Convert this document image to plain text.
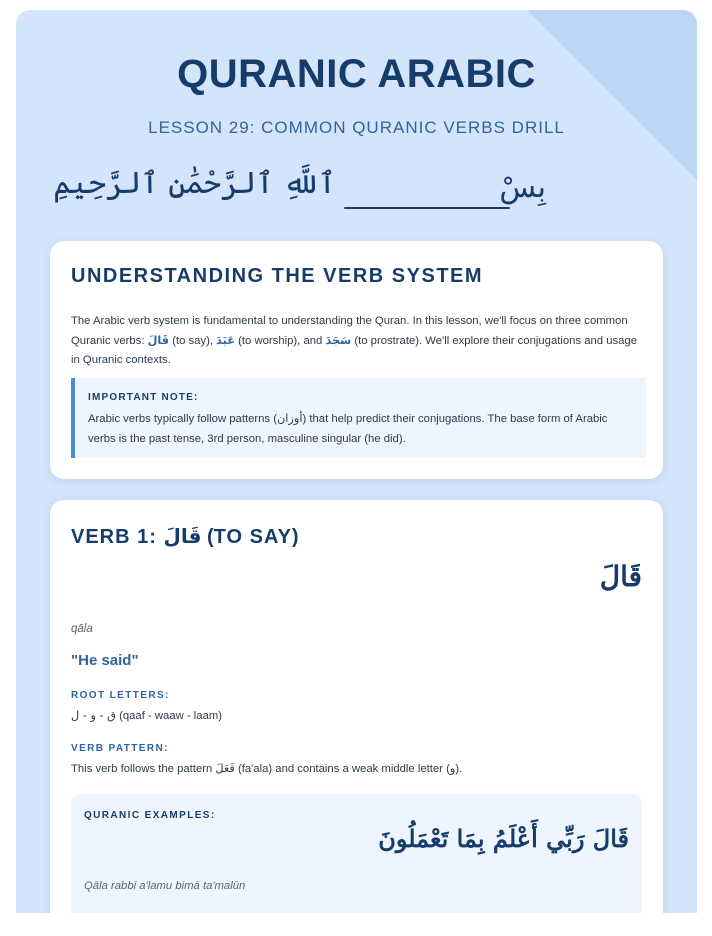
QURANIC ARABIC
LESSON 29: COMMON QURANIC VERBS DRILL
ٱللَّهِ ٱلرَّحْمَٰنِ ٱلرَّحِيمِ	بِسْ
UNDERSTANDING THE VERB SYSTEM
The Arabic verb system is fundamental to understanding the Quran. In this lesson, we'll focus on three common Quranic verbs: قَالَ (to say), عَبَدَ (to worship), and سَجَدَ (to prostrate). We'll explore their conjugations and usage in Quranic contexts.
IMPORTANT NOTE:
Arabic verbs typically follow patterns (أوزان) that help predict their conjugations. The base form of Arabic verbs is the past tense, 3rd person, masculine singular (he did).
VERB 1: قَالَ (TO SAY)
قَالَ
qāla
"He said"
ROOT LETTERS:
ق - و - ل (qaaf - waaw - laam)
VERB PATTERN:
This verb follows the pattern فَعَلَ (fa'ala) and contains a weak middle letter (و).
QURANIC EXAMPLES:
قَالَ رَبِّي أَعْلَمُ بِمَا تَعْمَلُونَ
Qāla rabbī a'lamu bimā ta'malūn
